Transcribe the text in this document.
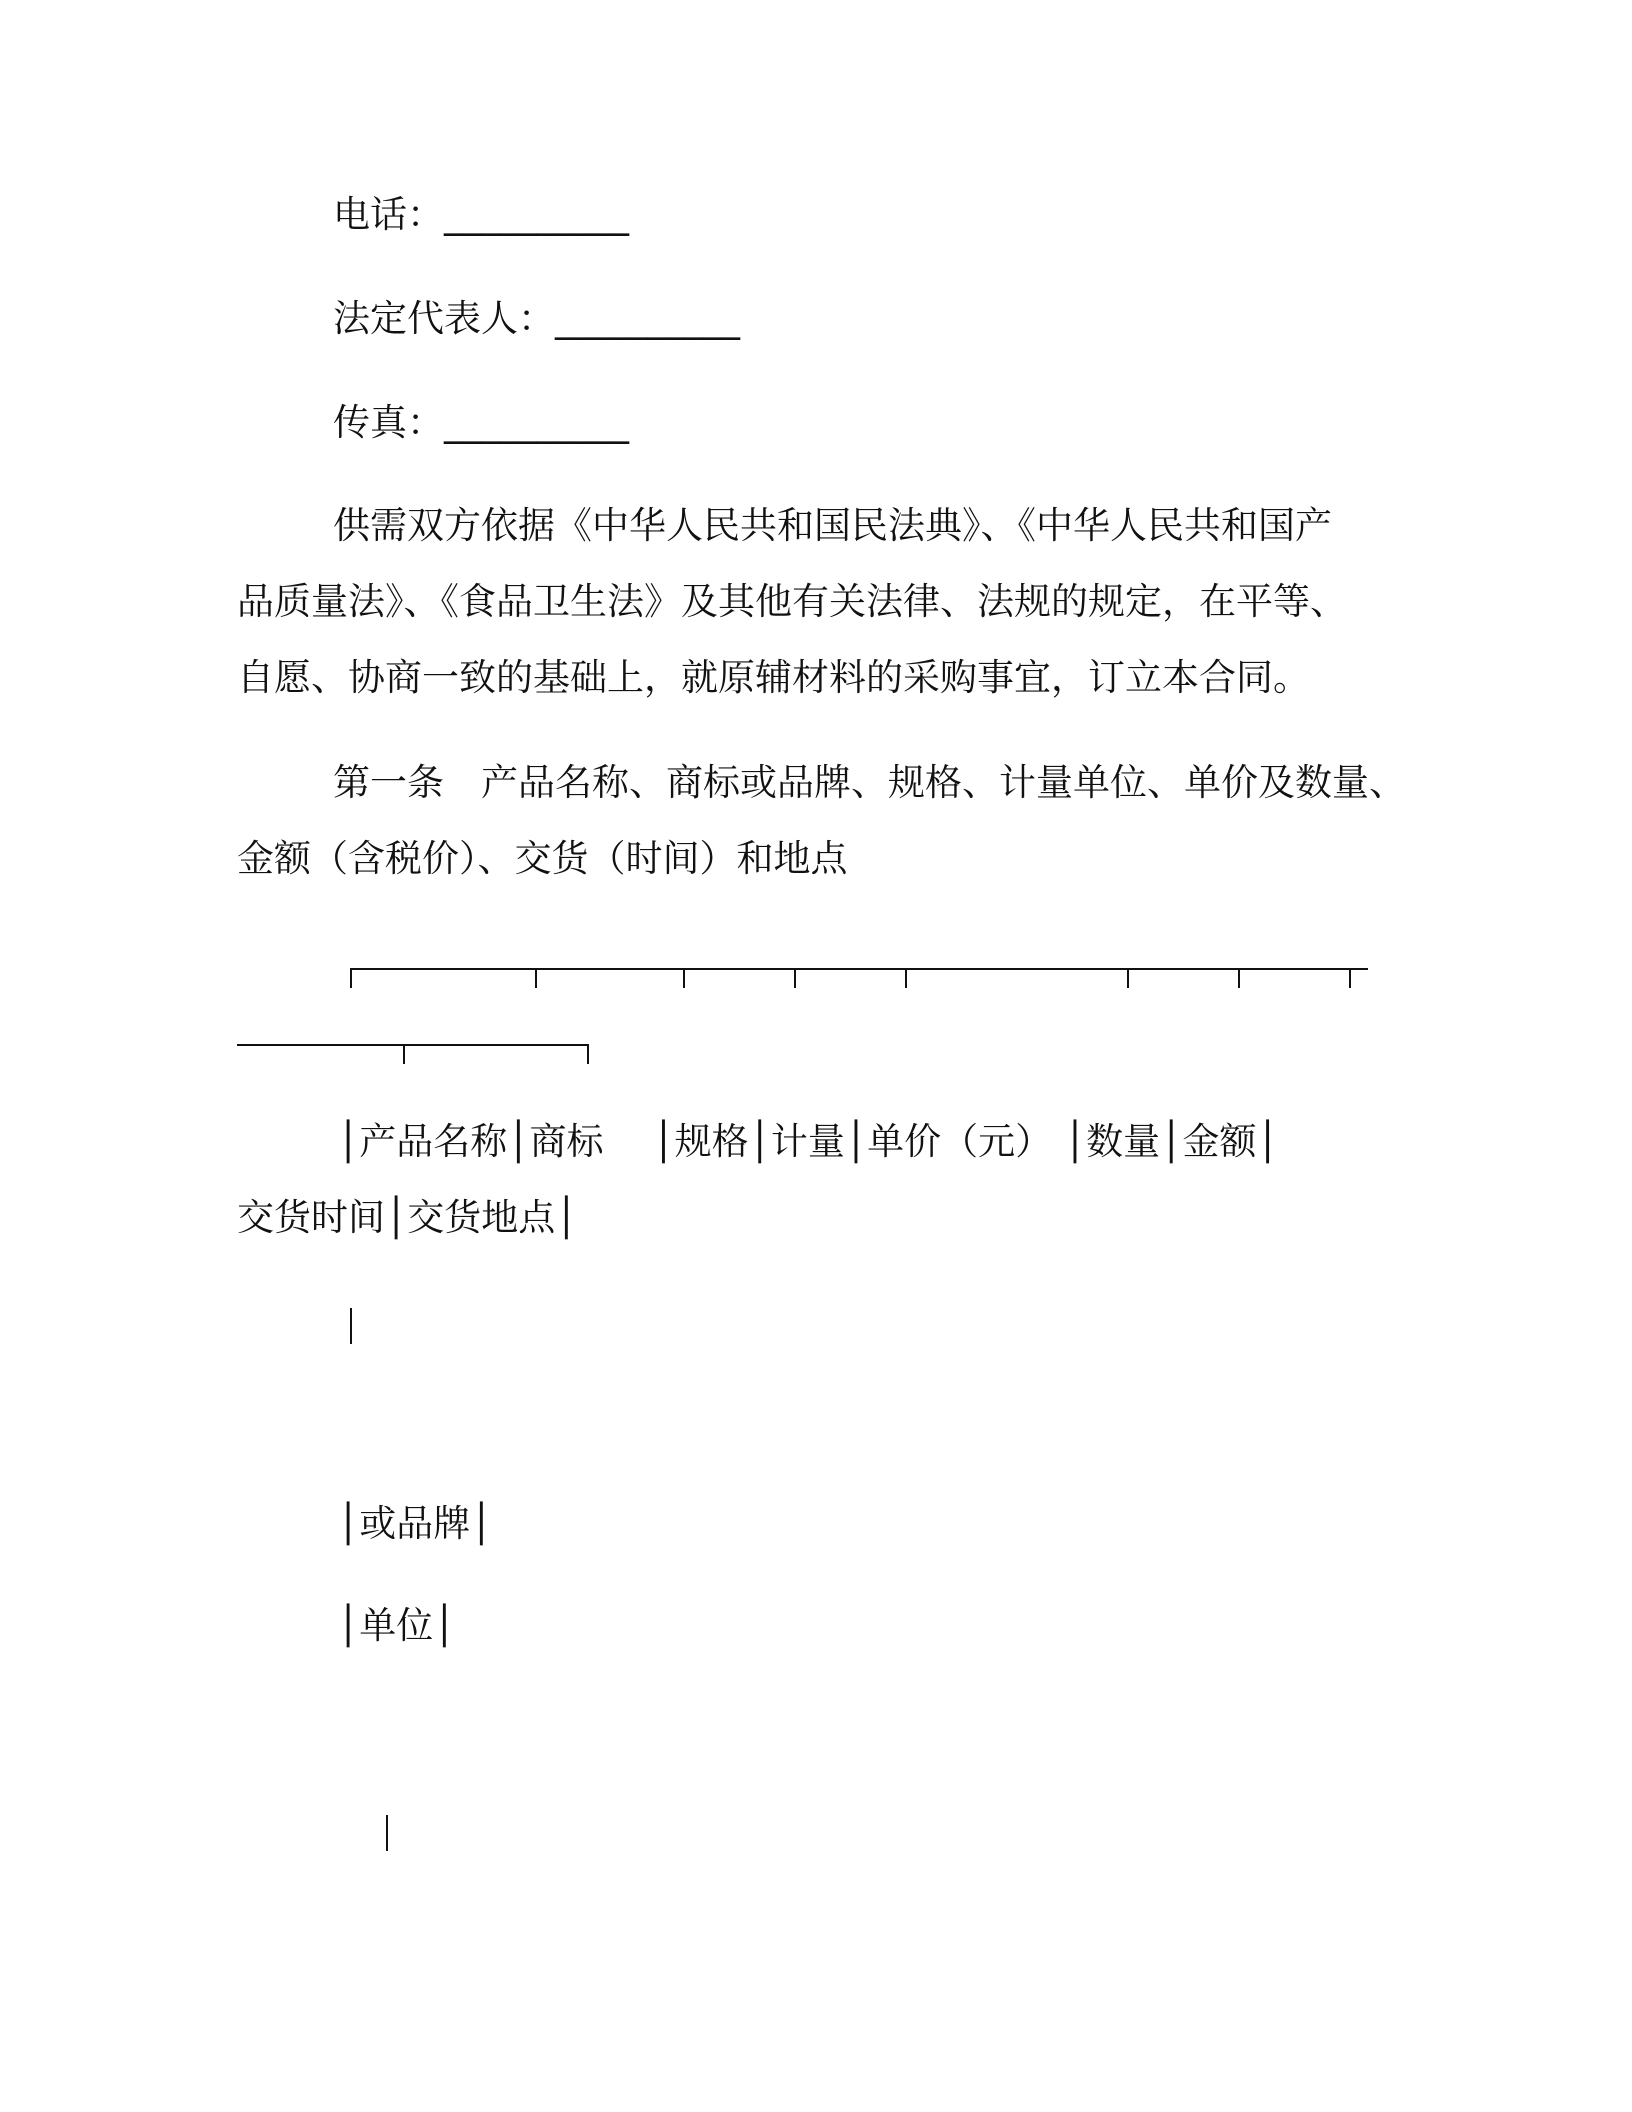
电话：__________

法定代表人：__________

传真：__________

供需双方依据《中华人民共和国民法典》、《中华人民共和国产

品质量法》、《食品卫生法》及其他有关法律、法规的规定，在平等、

自愿、协商一致的基础上，就原辅材料的采购事宜，订立本合同。

第一条　产品名称、商标或品牌、规格、计量单位、单价及数量、

金额（含税价）、交货（时间）和地点

│产品名称│商标　 │规格│计量│单价（元） │数量│金额│

交货时间│交货地点│

│或品牌│

│单位│
